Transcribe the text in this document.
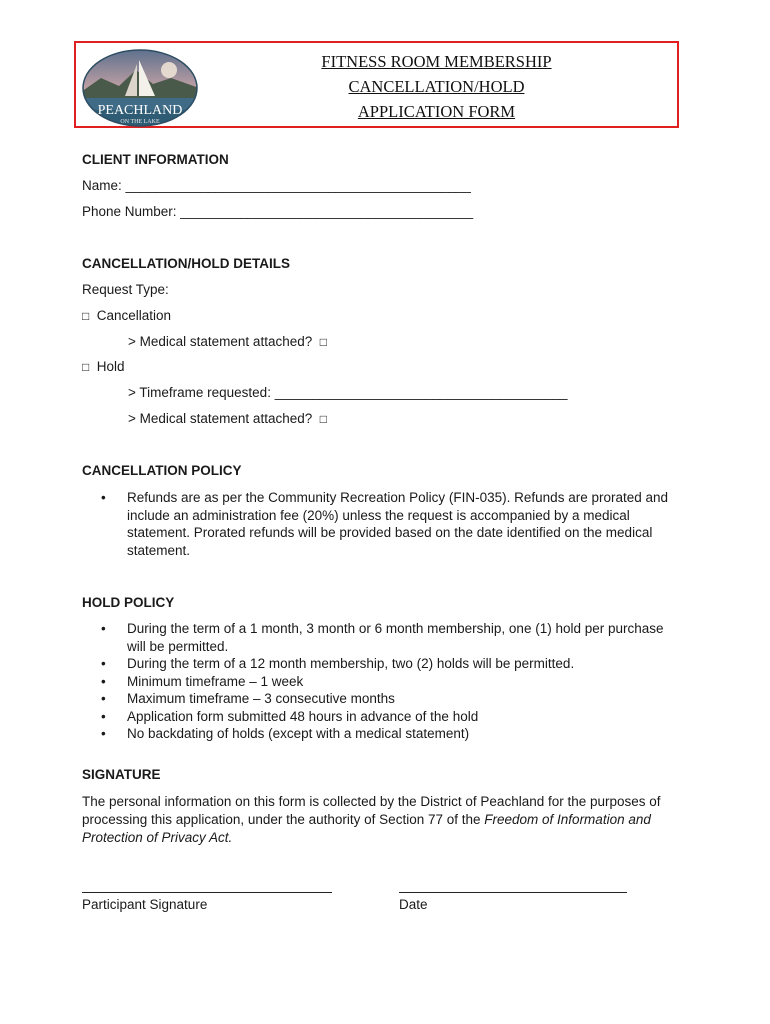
PEACHLAND
ON THE LAKE
FITNESS ROOM MEMBERSHIP
CANCELLATION/HOLD
APPLICATION FORM
CLIENT INFORMATION
Name: ______________________________________________
Phone Number: _______________________________________
CANCELLATION/HOLD DETAILS
Request Type:
□ Cancellation
> Medical statement attached? □
□ Hold
> Timeframe requested: _______________________________________
> Medical statement attached? □
CANCELLATION POLICY
• Refunds are as per the Community Recreation Policy (FIN-035). Refunds are prorated and include an administration fee (20%) unless the request is accompanied by a medical statement. Prorated refunds will be provided based on the date identified on the medical statement.
HOLD POLICY
• During the term of a 1 month, 3 month or 6 month membership, one (1) hold per purchase will be permitted.
• During the term of a 12 month membership, two (2) holds will be permitted.
• Minimum timeframe – 1 week
• Maximum timeframe – 3 consecutive months
• Application form submitted 48 hours in advance of the hold
• No backdating of holds (except with a medical statement)
SIGNATURE
The personal information on this form is collected by the District of Peachland for the purposes of processing this application, under the authority of Section 77 of the Freedom of Information and Protection of Privacy Act.
Participant Signature	Date
